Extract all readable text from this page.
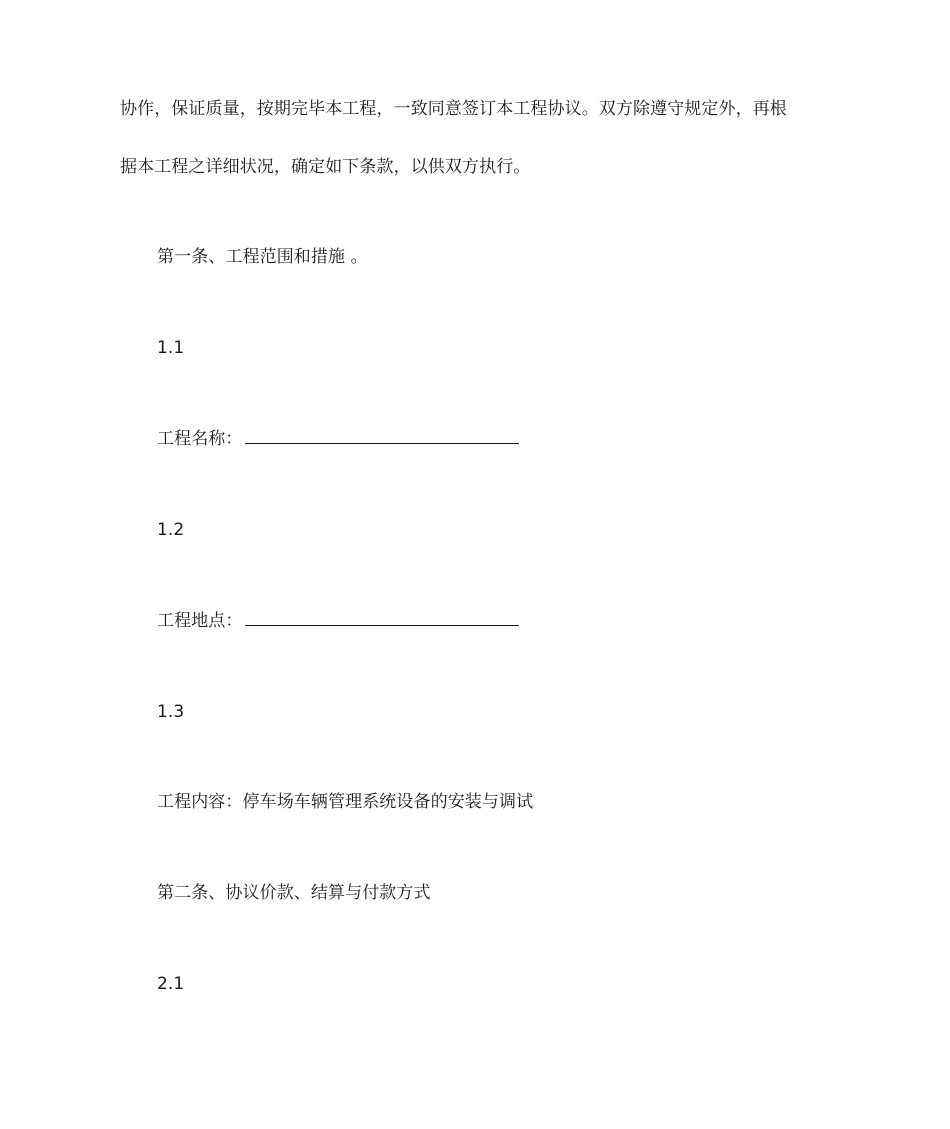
协作，保证质量，按期完毕本工程，一致同意签订本工程协议。双方除遵守规定外，再根
据本工程之详细状况，确定如下条款，以供双方执行。
第一条、工程范围和措施 。
1.1
工程名称：
1.2
工程地点：
1.3
工程内容：停车场车辆管理系统设备的安装与调试
第二条、协议价款、结算与付款方式
2.1
